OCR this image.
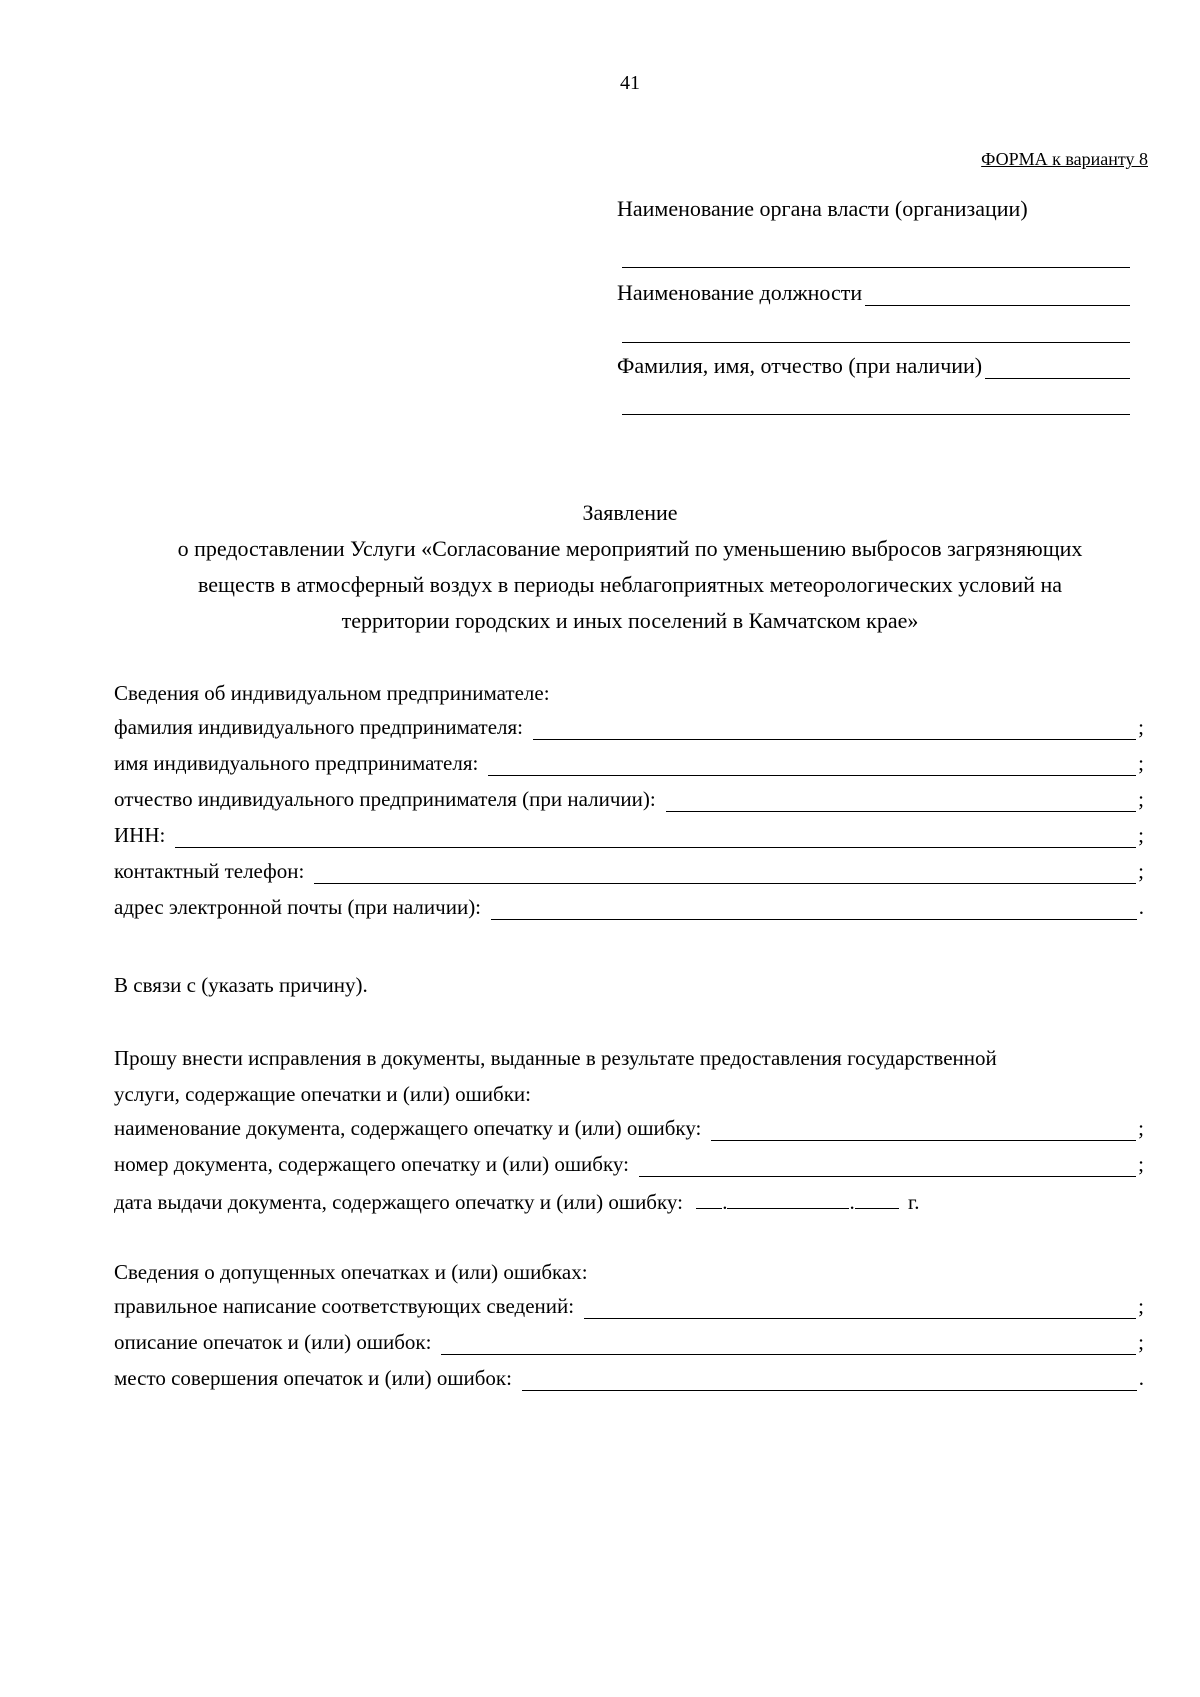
41
ФОРМА к варианту 8
Наименование органа власти (организации)
Наименование должности
Фамилия, имя, отчество (при наличии)
Заявление
о предоставлении Услуги «Согласование мероприятий по уменьшению выбросов загрязняющих
веществ в атмосферный воздух в периоды неблагоприятных метеорологических условий на
территории городских и иных поселений в Камчатском крае»
Сведения об индивидуальном предпринимателе:
фамилия индивидуального предпринимателя:	;
имя индивидуального предпринимателя:	;
отчество индивидуального предпринимателя (при наличии):	;
ИНН:	;
контактный телефон:	;
адрес электронной почты (при наличии):	.
В связи с (указать причину).
Прошу внести исправления в документы, выданные в результате предоставления государственной
услуги, содержащие опечатки и (или) ошибки:
наименование документа, содержащего опечатку и (или) ошибку:	;
номер документа, содержащего опечатку и (или) ошибку:	;
дата выдачи документа, содержащего опечатку и (или) ошибку: .	.	г.
Сведения о допущенных опечатках и (или) ошибках:
правильное написание соответствующих сведений:	;
описание опечаток и (или) ошибок:	;
место совершения опечаток и (или) ошибок:	.
